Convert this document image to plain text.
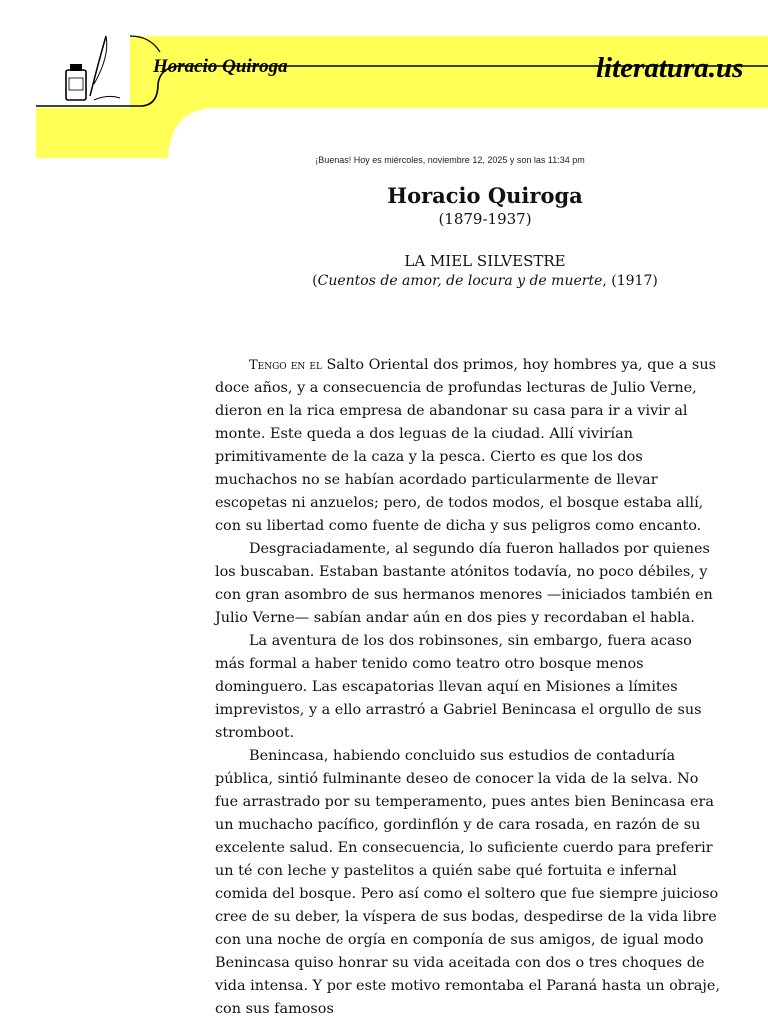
Horacio Quiroga	literatura.us
¡Buenas! Hoy es miércoles, noviembre 12, 2025 y son las 11:34 pm

Horacio Quiroga

(1879-1937)

LA MIEL SILVESTRE

(Cuentos de amor, de locura y de muerte, (1917)

Tengo en el Salto Oriental dos primos, hoy hombres ya, que a sus doce años, y a consecuencia de profundas lecturas de Julio Verne, dieron en la rica empresa de abandonar su casa para ir a vivir al monte. Este queda a dos leguas de la ciudad. Allí vivirían primitivamente de la caza y la pesca. Cierto es que los dos muchachos no se habían acordado particularmente de llevar escopetas ni anzuelos; pero, de todos modos, el bosque estaba allí, con su libertad como fuente de dicha y sus peligros como encanto.

Desgraciadamente, al segundo día fueron hallados por quienes los buscaban. Estaban bastante atónitos todavía, no poco débiles, y con gran asombro de sus hermanos menores —iniciados también en Julio Verne— sabían andar aún en dos pies y recordaban el habla.

La aventura de los dos robinsones, sin embargo, fuera acaso más formal a haber tenido como teatro otro bosque menos dominguero. Las escapatorias llevan aquí en Misiones a límites imprevistos, y a ello arrastró a Gabriel Benincasa el orgullo de sus stromboot.

Benincasa, habiendo concluido sus estudios de contaduría pública, sintió fulminante deseo de conocer la vida de la selva. No fue arrastrado por su temperamento, pues antes bien Benincasa era un muchacho pacífico, gordinflón y de cara rosada, en razón de su excelente salud. En consecuencia, lo suficiente cuerdo para preferir un té con leche y pastelitos a quién sabe qué fortuita e infernal comida del bosque. Pero así como el soltero que fue siempre juicioso cree de su deber, la víspera de sus bodas, despedirse de la vida libre con una noche de orgía en componía de sus amigos, de igual modo Benincasa quiso honrar su vida aceitada con dos o tres choques de vida intensa. Y por este motivo remontaba el Paraná hasta un obraje, con sus famosos
